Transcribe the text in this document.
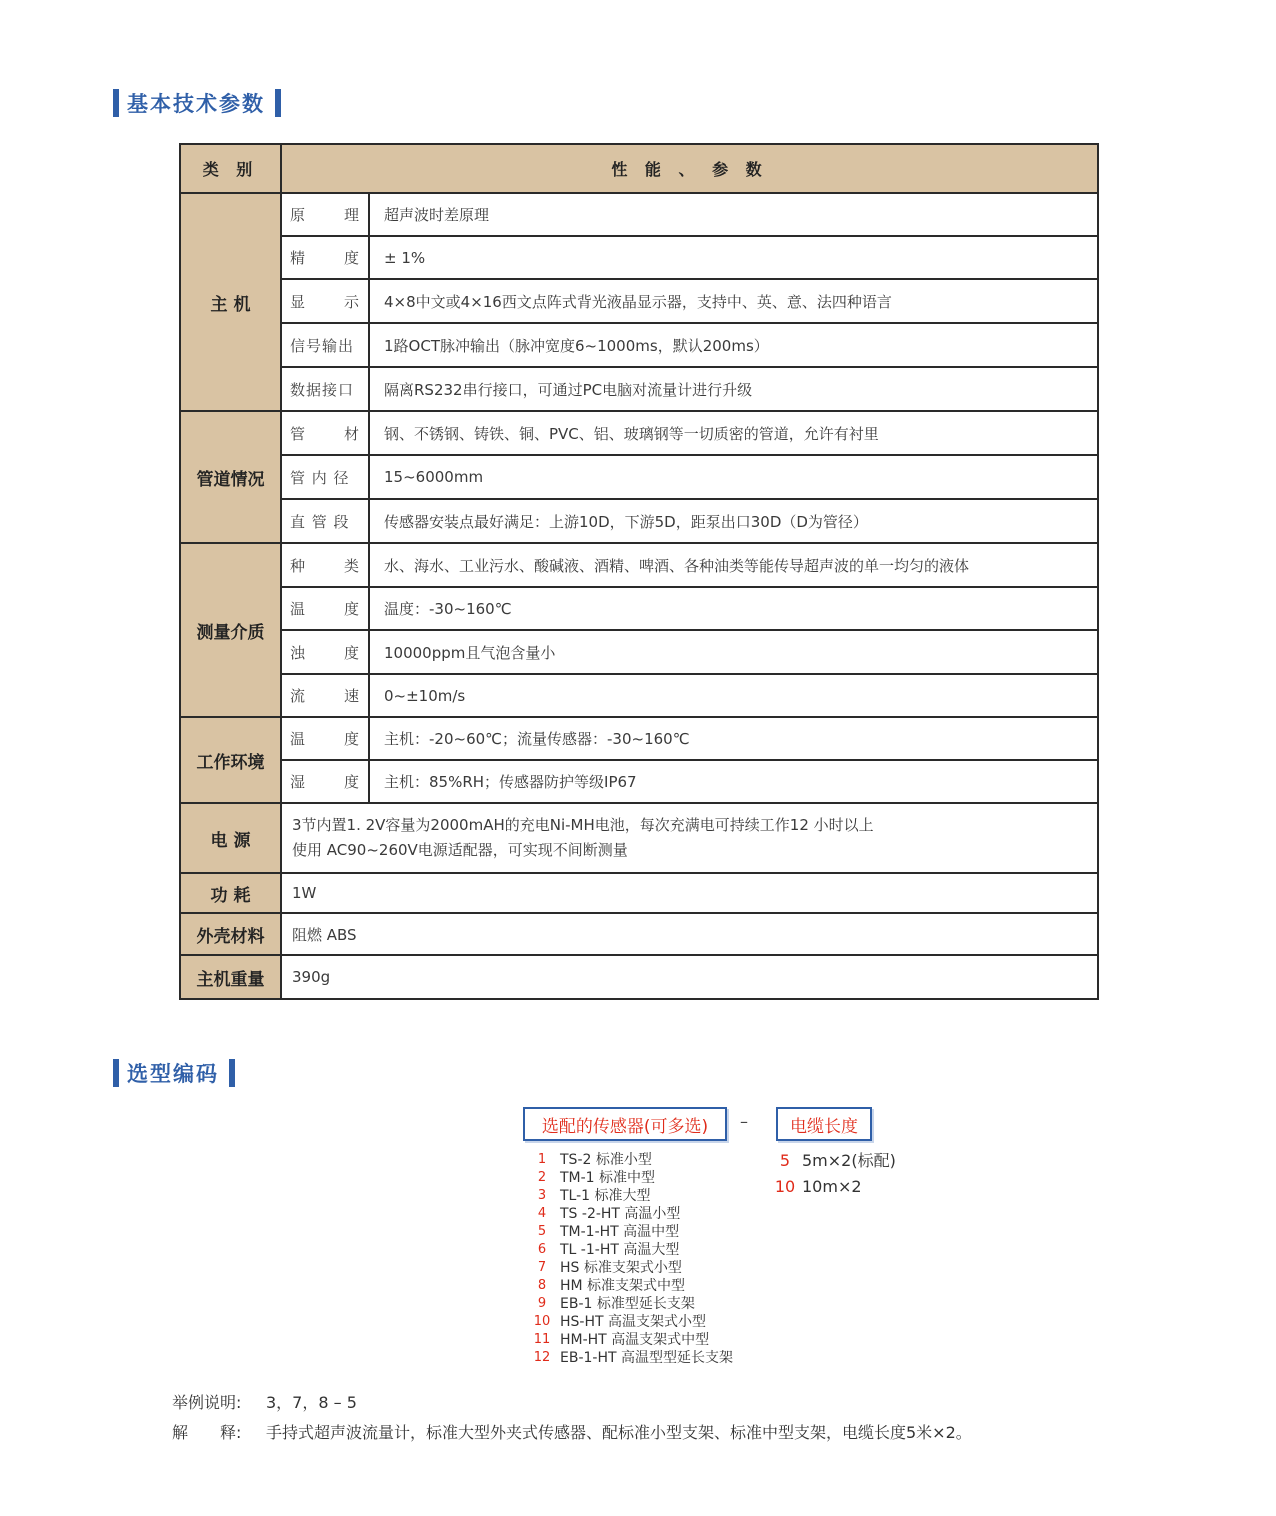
基本技术参数
类 别	性 能 、 参 数	
主 机	原 理	超声波时差原理

	精 度	± 1%

	显 示	4×8中文或4×16西文点阵式背光液晶显示器，支持中、英、意、法四种语言
	信号输出	1路OCT脉冲输出（脉冲宽度6~1000ms，默认200ms）
	数据接口	隔离RS232串行接口，可通过PC电脑对流量计进行升级
管道情况	管 材	钢、不锈钢、铸铁、铜、PVC、铝、玻璃钢等一切质密的管道，允许有衬里
	管 内 径	15~6000mm
	直 管 段	传感器安装点最好满足：上游10D，下游5D，距泵出口30D（D为管径）
测量介质	种 类	水、海水、工业污水、酸碱液、酒精、啤酒、各种油类等能传导超声波的单一均匀的液体

	温 度	温度：-30~160℃

	浊 度	10000ppm且气泡含量小

	流 速	0~±10m/s
工作环境	温 度	主机：-20~60℃；流量传感器：-30~160℃

	湿 度	主机：85%RH；传感器防护等级IP67
电 源	3节内置1. 2V容量为2000mAH的充电Ni-MH电池，每次充满电可持续工作12 小时以上
使用 AC90~260V电源适配器，可实现不间断测量	

功 耗	1W	
外壳材料	阻燃 ABS	
主机重量	390g	
选型编码
选配的传感器(可多选)	–	电缆长度
1 TS-2 标准小型
2 TM-1 标准中型
3 TL-1 标准大型
4 TS -2-HT 高温小型
5 TM-1-HT 高温中型
6 TL -1-HT 高温大型
7 HS 标准支架式小型
8 HM 标准支架式中型
9 EB-1 标准型延长支架
10 HS-HT 高温支架式小型
11 HM-HT 高温支架式中型
12 EB-1-HT 高温型型延长支架
5 5m×2(标配)
10 10m×2
举例说明: 3，7，8 – 5
解　　释: 手持式超声波流量计，标准大型外夹式传感器、配标准小型支架、标准中型支架，电缆长度5米×2。
